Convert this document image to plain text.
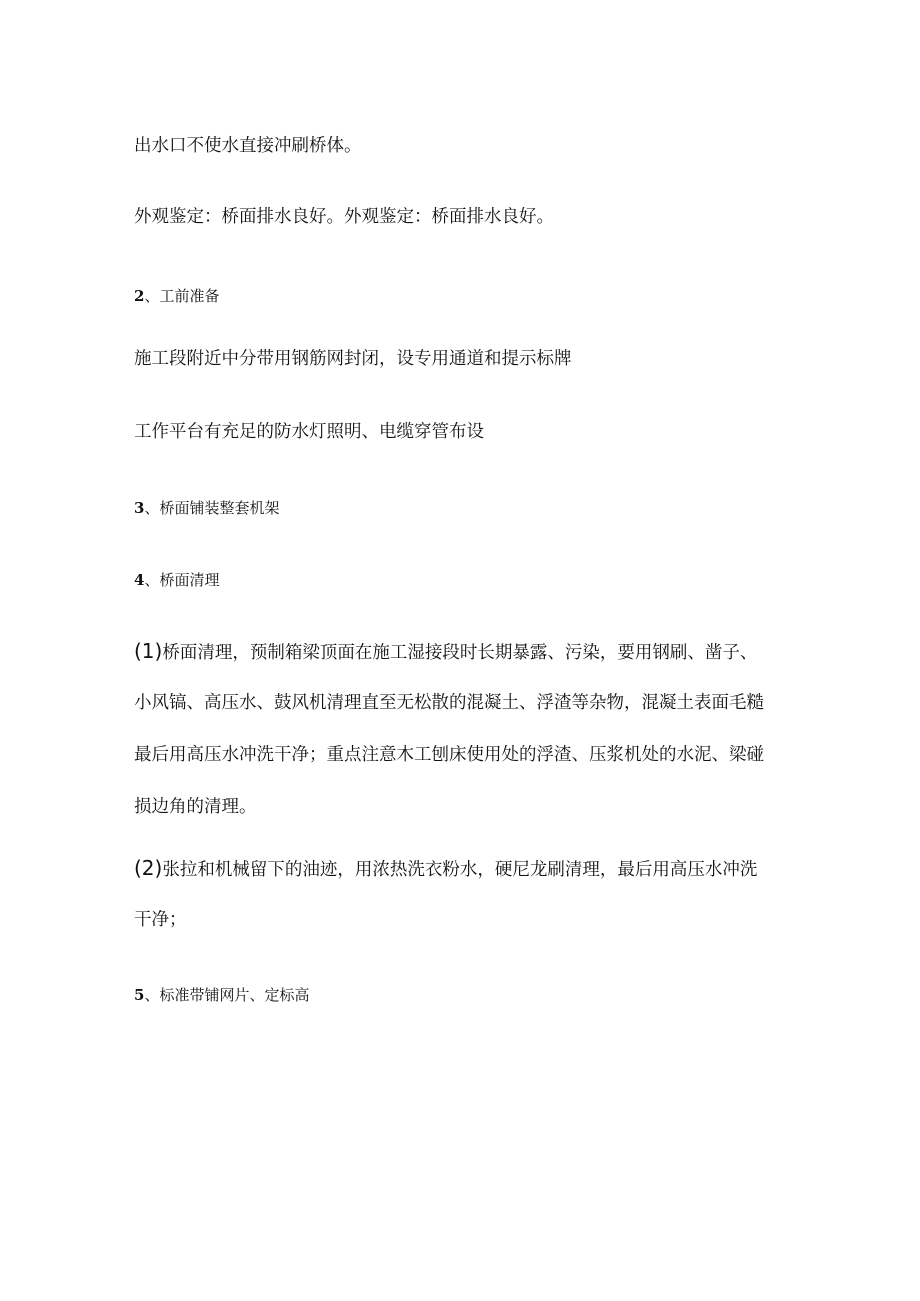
出水口不使水直接冲刷桥体。
外观鉴定：桥面排水良好。外观鉴定：桥面排水良好。
2、工前准备
施工段附近中分带用钢筋网封闭，设专用通道和提示标牌
工作平台有充足的防水灯照明、电缆穿管布设
3、桥面铺装整套机架
4、桥面清理
(1)桥面清理，预制箱梁顶面在施工湿接段时长期暴露、污染，要用钢刷、凿子、
小风镐、高压水、鼓风机清理直至无松散的混凝土、浮渣等杂物，混凝土表面毛糙
最后用高压水冲洗干净；重点注意木工刨床使用处的浮渣、压浆机处的水泥、梁碰
损边角的清理。
(2)张拉和机械留下的油迹，用浓热洗衣粉水，硬尼龙刷清理，最后用高压水冲洗
干净；
5、标准带铺网片、定标高
